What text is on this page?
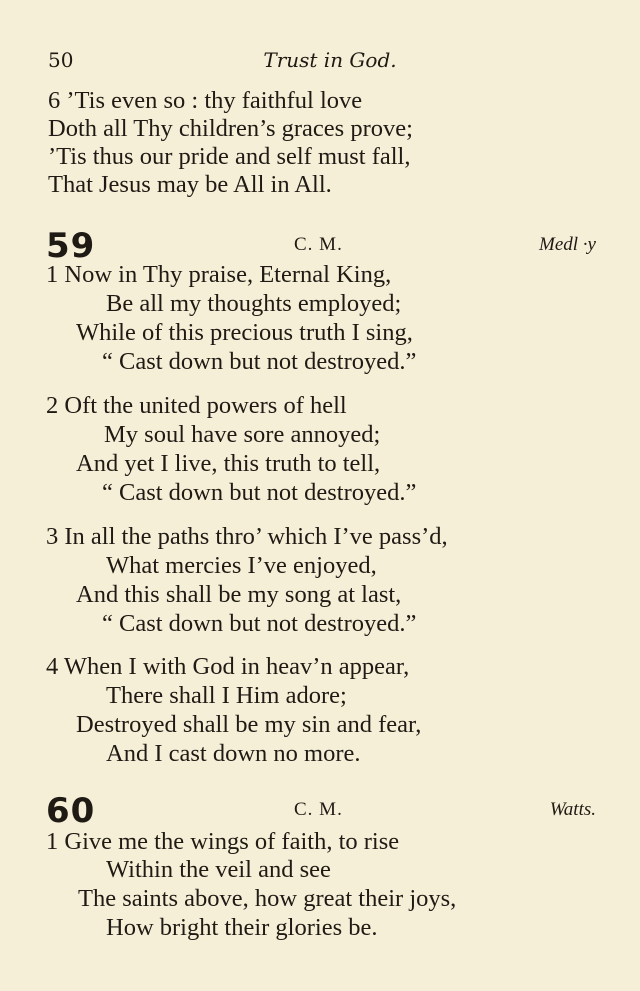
50	Trust in God.
6 ’Tis even so : thy faithful love
Doth all Thy children’s graces prove;
’Tis thus our pride and self must fall,
That Jesus may be All in All.
59	C. M.	Medl ·y
1 Now in Thy praise, Eternal King,
Be all my thoughts employed;
While of this precious truth I sing,
“ Cast down but not destroyed.”
2 Oft the united powers of hell
My soul have sore annoyed;
And yet I live, this truth to tell,
“ Cast down but not destroyed.”
3 In all the paths thro’ which I’ve pass’d,
What mercies I’ve enjoyed,
And this shall be my song at last,
“ Cast down but not destroyed.”
4 When I with God in heav’n appear,
There shall I Him adore;
Destroyed shall be my sin and fear,
And I cast down no more.
60	C. M.	Watts.
1 Give me the wings of faith, to rise
Within the veil and see
The saints above, how great their joys,
How bright their glories be.
